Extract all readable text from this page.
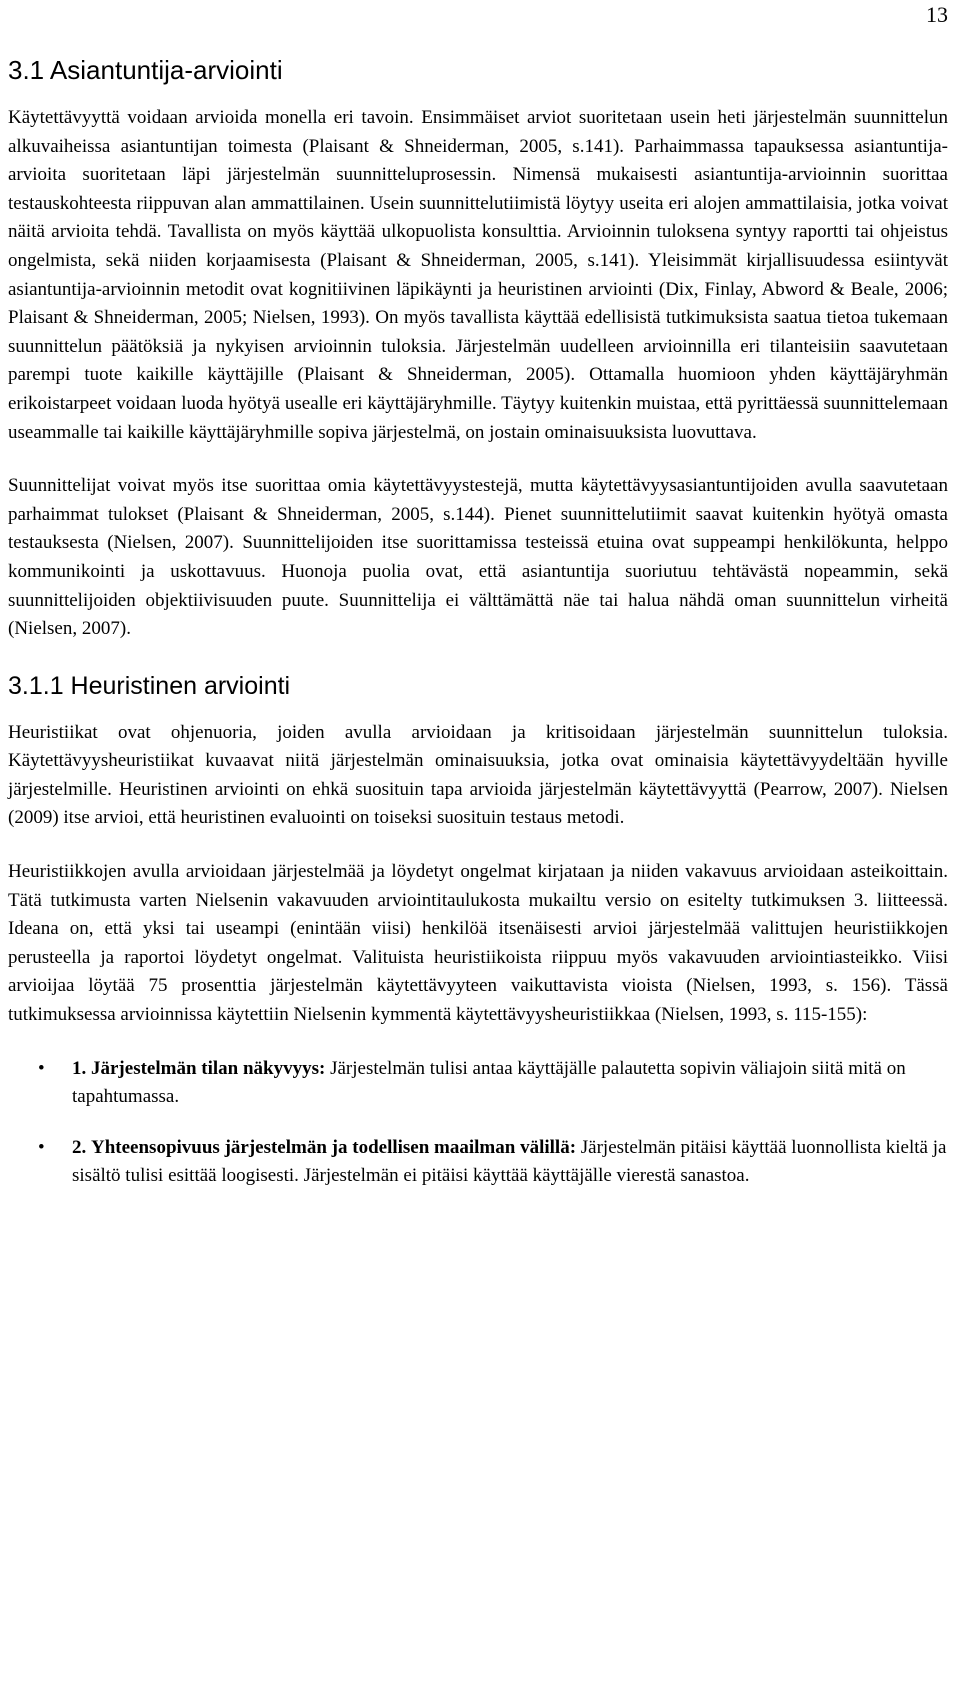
13
3.1 Asiantuntija-arviointi

Käytettävyyttä voidaan arvioida monella eri tavoin. Ensimmäiset arviot suoritetaan usein heti järjestelmän suunnittelun alkuvaiheissa asiantuntijan toimesta (Plaisant & Shneiderman, 2005, s.141). Parhaimmassa tapauksessa asiantuntija-arvioita suoritetaan läpi järjestelmän suunnitteluprosessin. Nimensä mukaisesti asiantuntija-arvioinnin suorittaa testauskohteesta riippuvan alan ammattilainen. Usein suunnittelutiimistä löytyy useita eri alojen ammattilaisia, jotka voivat näitä arvioita tehdä. Tavallista on myös käyttää ulkopuolista konsulttia. Arvioinnin tuloksena syntyy raportti tai ohjeistus ongelmista, sekä niiden korjaamisesta (Plaisant & Shneiderman, 2005, s.141). Yleisimmät kirjallisuudessa esiintyvät asiantuntija-arvioinnin metodit ovat kognitiivinen läpikäynti ja heuristinen arviointi (Dix, Finlay, Abword & Beale, 2006; Plaisant & Shneiderman, 2005; Nielsen, 1993). On myös tavallista käyttää edellisistä tutkimuksista saatua tietoa tukemaan suunnittelun päätöksiä ja nykyisen arvioinnin tuloksia. Järjestelmän uudelleen arvioinnilla eri tilanteisiin saavutetaan parempi tuote kaikille käyttäjille (Plaisant & Shneiderman, 2005). Ottamalla huomioon yhden käyttäjäryhmän erikoistarpeet voidaan luoda hyötyä usealle eri käyttäjäryhmille. Täytyy kuitenkin muistaa, että pyrittäessä suunnittelemaan useammalle tai kaikille käyttäjäryhmille sopiva järjestelmä, on jostain ominaisuuksista luovuttava.

Suunnittelijat voivat myös itse suorittaa omia käytettävyystestejä, mutta käytettävyysasiantuntijoiden avulla saavutetaan parhaimmat tulokset (Plaisant & Shneiderman, 2005, s.144). Pienet suunnittelutiimit saavat kuitenkin hyötyä omasta testauksesta (Nielsen, 2007). Suunnittelijoiden itse suorittamissa testeissä etuina ovat suppeampi henkilökunta, helppo kommunikointi ja uskottavuus. Huonoja puolia ovat, että asiantuntija suoriutuu tehtävästä nopeammin, sekä suunnittelijoiden objektiivisuuden puute. Suunnittelija ei välttämättä näe tai halua nähdä oman suunnittelun virheitä (Nielsen, 2007).

3.1.1 Heuristinen arviointi

Heuristiikat ovat ohjenuoria, joiden avulla arvioidaan ja kritisoidaan järjestelmän suunnittelun tuloksia. Käytettävyysheuristiikat kuvaavat niitä järjestelmän ominaisuuksia, jotka ovat ominaisia käytettävyydeltään hyville järjestelmille. Heuristinen arviointi on ehkä suosituin tapa arvioida järjestelmän käytettävyyttä (Pearrow, 2007). Nielsen (2009) itse arvioi, että heuristinen evaluointi on toiseksi suosituin testaus metodi.

Heuristiikkojen avulla arvioidaan järjestelmää ja löydetyt ongelmat kirjataan ja niiden vakavuus arvioidaan asteikoittain. Tätä tutkimusta varten Nielsenin vakavuuden arviointitaulukosta mukailtu versio on esitelty tutkimuksen 3. liitteessä. Ideana on, että yksi tai useampi (enintään viisi) henkilöä itsenäisesti arvioi järjestelmää valittujen heuristiikkojen perusteella ja raportoi löydetyt ongelmat. Valituista heuristiikoista riippuu myös vakavuuden arviointiasteikko. Viisi arvioijaa löytää 75 prosenttia järjestelmän käytettävyyteen vaikuttavista vioista (Nielsen, 1993, s. 156). Tässä tutkimuksessa arvioinnissa käytettiin Nielsenin kymmentä käytettävyysheuristiikkaa (Nielsen, 1993, s. 115-155):

• 1. Järjestelmän tilan näkyvyys: Järjestelmän tulisi antaa käyttäjälle palautetta sopivin väliajoin siitä mitä on tapahtumassa.
• 2. Yhteensopivuus järjestelmän ja todellisen maailman välillä: Järjestelmän pitäisi käyttää luonnollista kieltä ja sisältö tulisi esittää loogisesti. Järjestelmän ei pitäisi käyttää käyttäjälle vierestä sanastoa.
